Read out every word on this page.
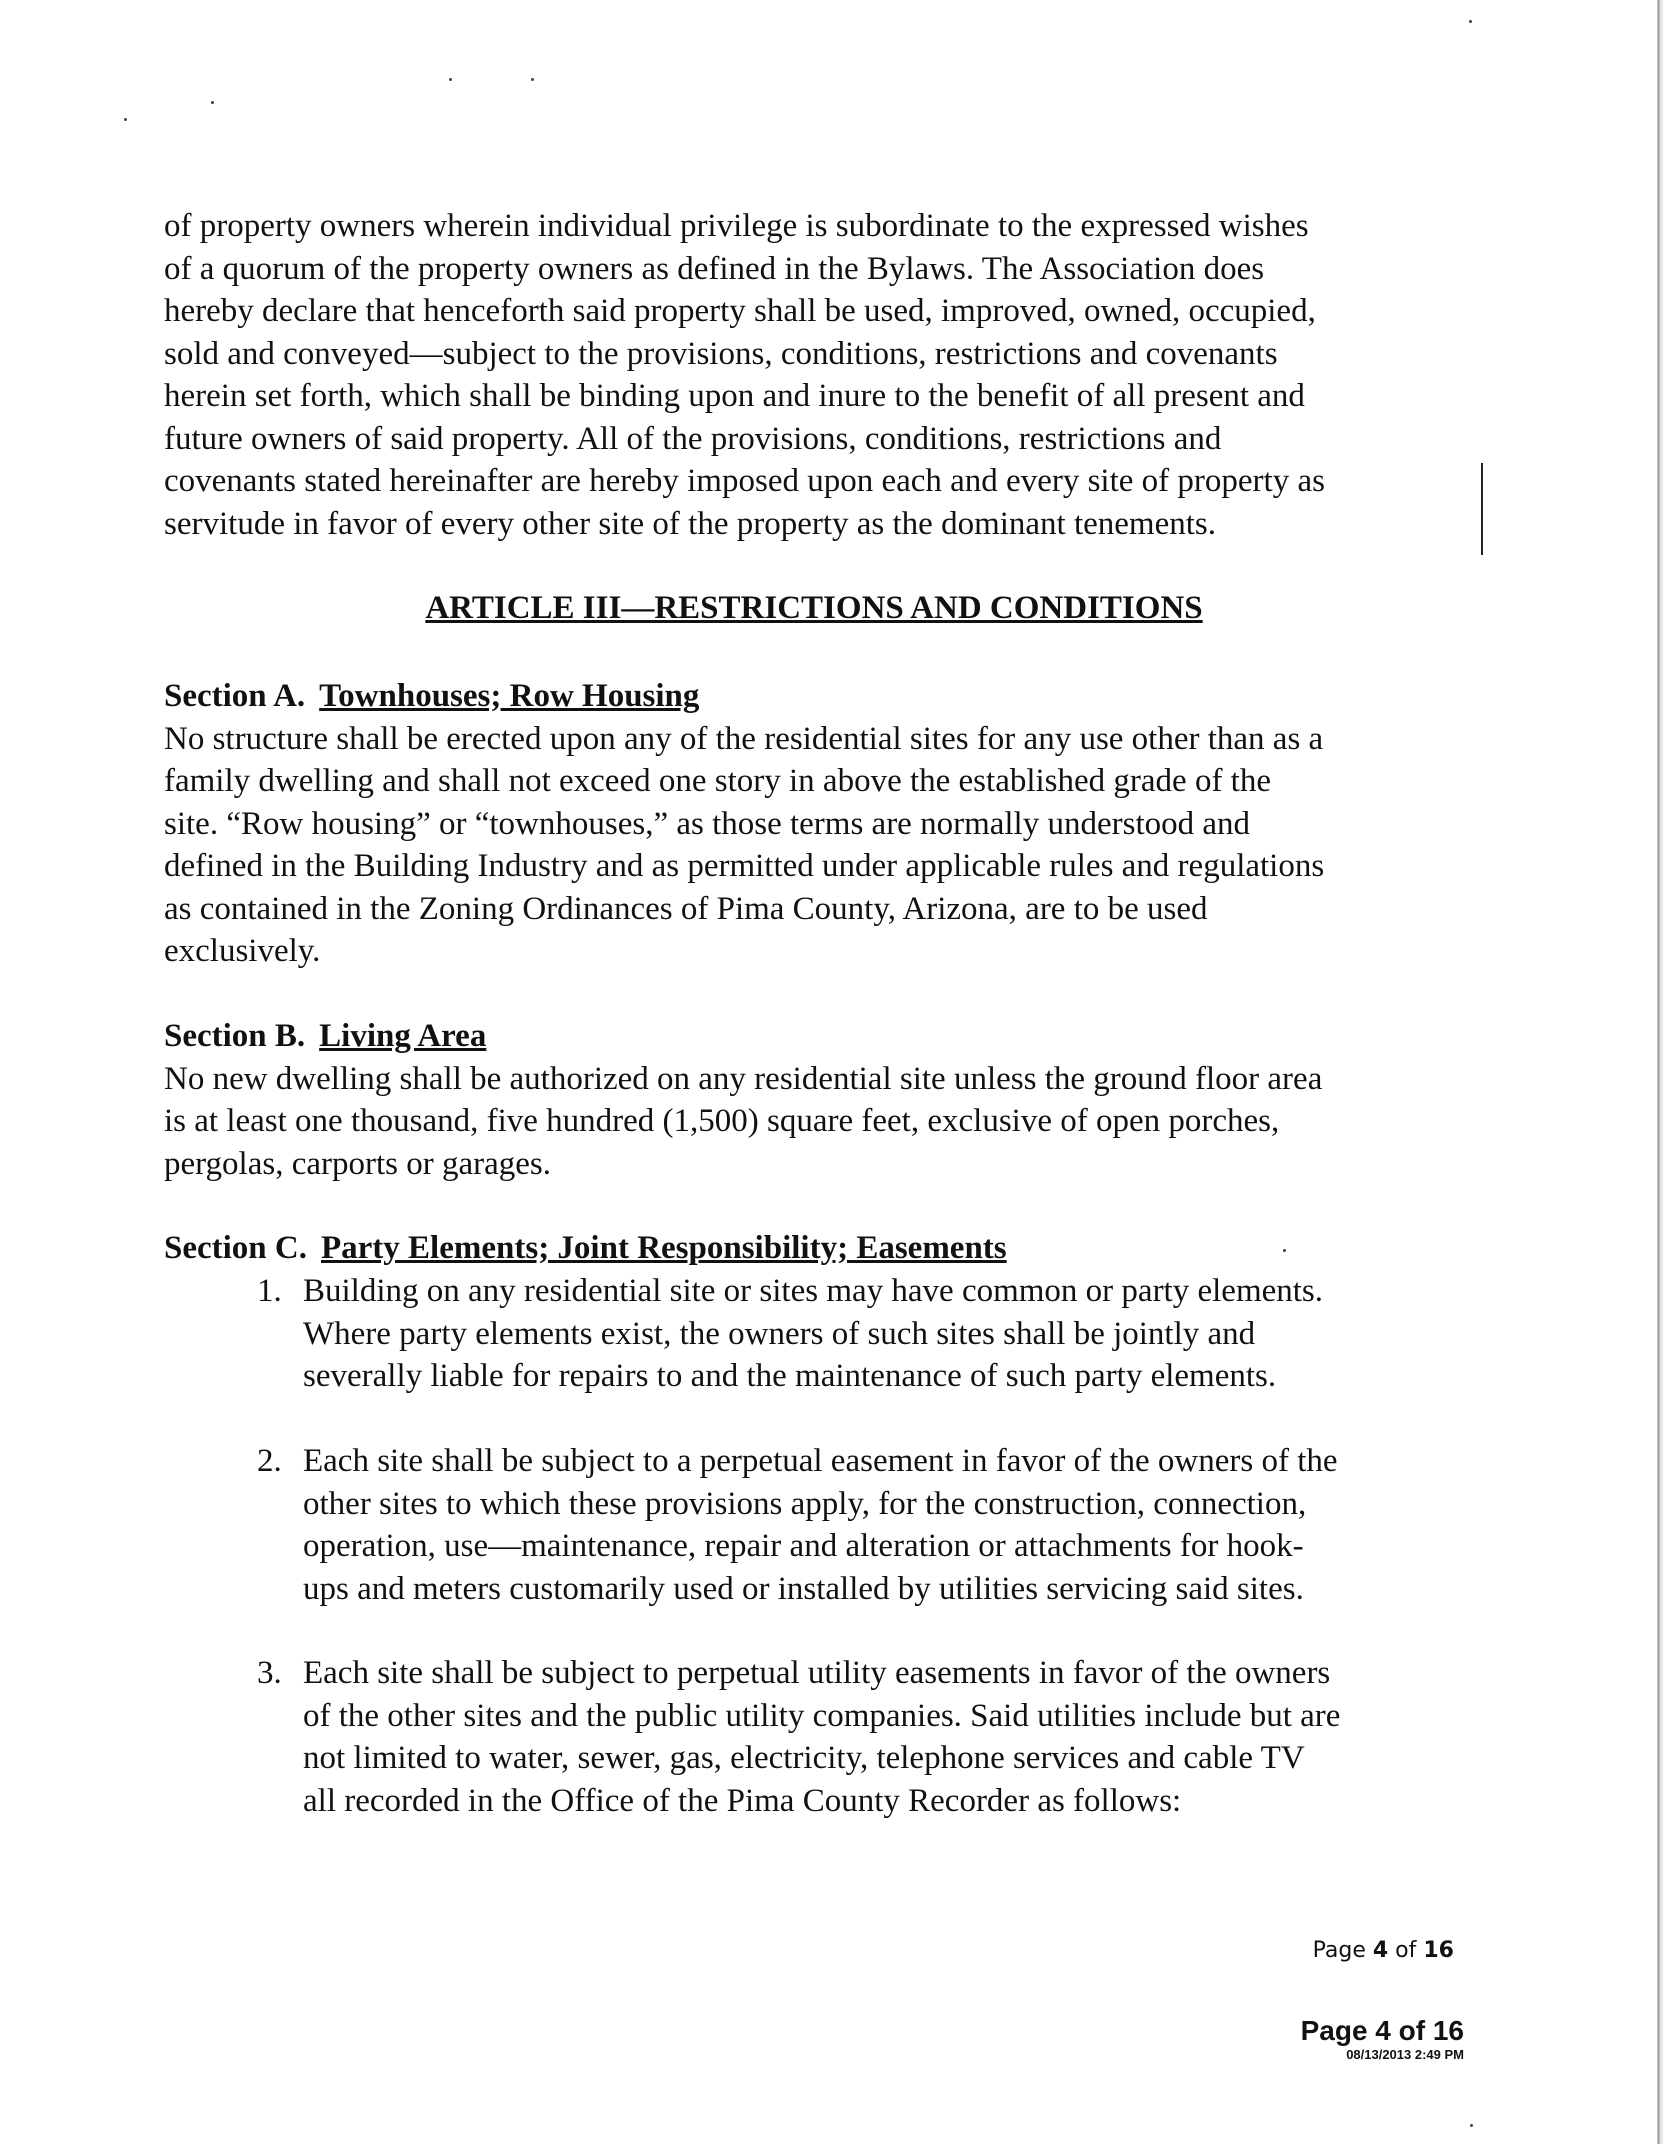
of property owners wherein individual privilege is subordinate to the expressed wishes
of a quorum of the property owners as defined in the Bylaws. The Association does
hereby declare that henceforth said property shall be used, improved, owned, occupied,
sold and conveyed—subject to the provisions, conditions, restrictions and covenants
herein set forth, which shall be binding upon and inure to the benefit of all present and
future owners of said property. All of the provisions, conditions, restrictions and
covenants stated hereinafter are hereby imposed upon each and every site of property as
servitude in favor of every other site of the property as the dominant tenements.
ARTICLE III—RESTRICTIONS AND CONDITIONS
Section A. Townhouses; Row Housing
No structure shall be erected upon any of the residential sites for any use other than as a
family dwelling and shall not exceed one story in above the established grade of the
site. “Row housing” or “townhouses,” as those terms are normally understood and
defined in the Building Industry and as permitted under applicable rules and regulations
as contained in the Zoning Ordinances of Pima County, Arizona, are to be used
exclusively.
Section B. Living Area
No new dwelling shall be authorized on any residential site unless the ground floor area
is at least one thousand, five hundred (1,500) square feet, exclusive of open porches,
pergolas, carports or garages.
Section C. Party Elements; Joint Responsibility; Easements
1. Building on any residential site or sites may have common or party elements.
Where party elements exist, the owners of such sites shall be jointly and
severally liable for repairs to and the maintenance of such party elements.
2. Each site shall be subject to a perpetual easement in favor of the owners of the
other sites to which these provisions apply, for the construction, connection,
operation, use—maintenance, repair and alteration or attachments for hook-
ups and meters customarily used or installed by utilities servicing said sites.
3. Each site shall be subject to perpetual utility easements in favor of the owners
of the other sites and the public utility companies. Said utilities include but are
not limited to water, sewer, gas, electricity, telephone services and cable TV
all recorded in the Office of the Pima County Recorder as follows:
Page 4 of 16
Page 4 of 16
08/13/2013 2:49 PM
